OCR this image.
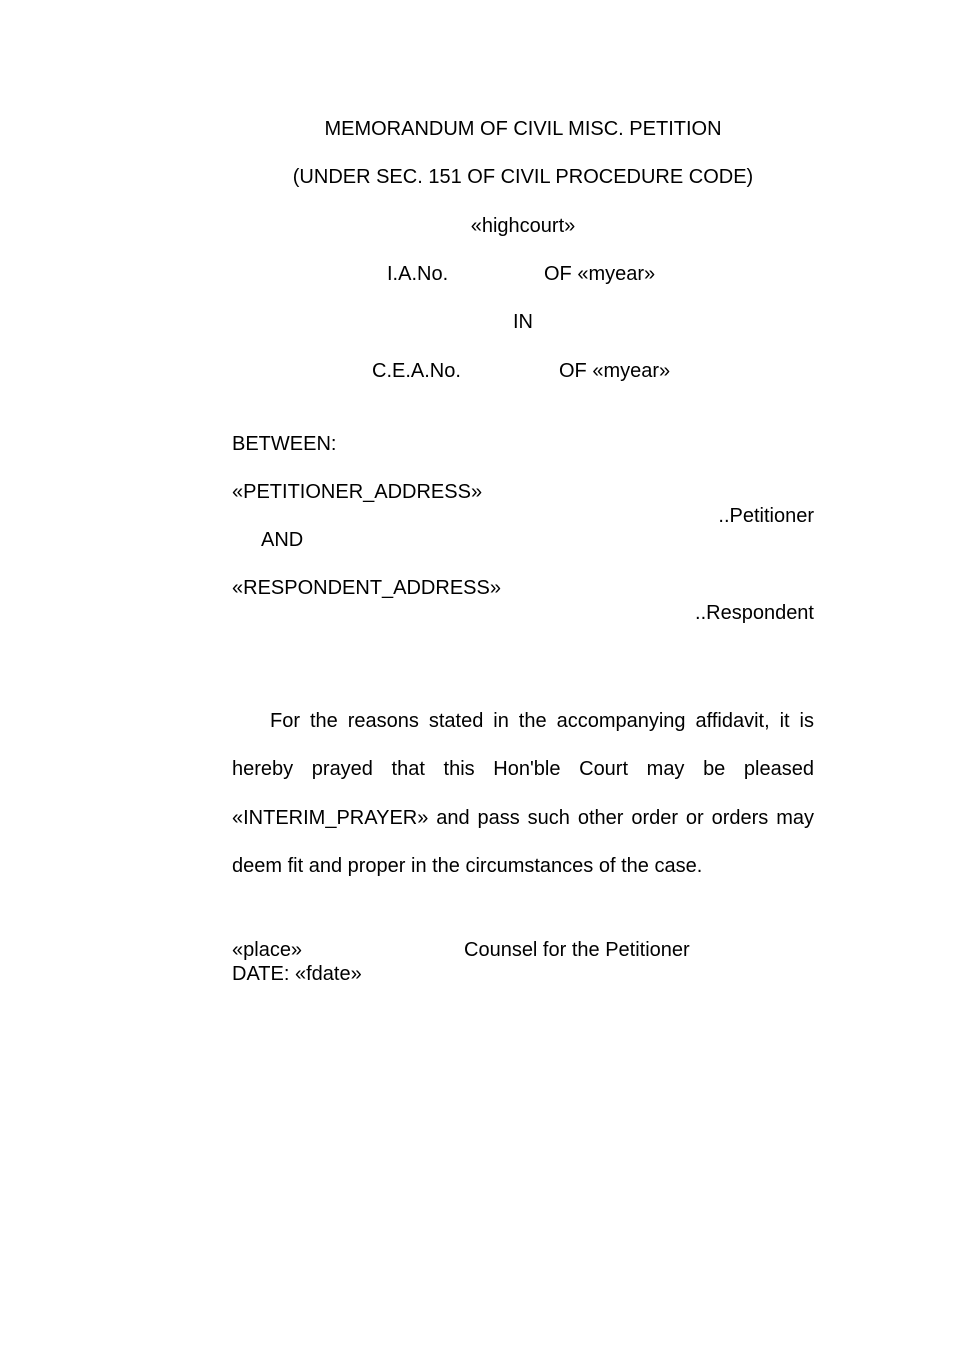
MEMORANDUM OF CIVIL MISC. PETITION
(UNDER SEC. 151 OF CIVIL PROCEDURE CODE)
«highcourt»
I.A.No.	OF «myear»
IN
C.E.A.No.	OF «myear»
BETWEEN:
«PETITIONER_ADDRESS»
..Petitioner
AND
«RESPONDENT_ADDRESS»
..Respondent
For the reasons stated in the accompanying affidavit, it is hereby prayed that this Hon'ble Court may be pleased «INTERIM_PRAYER» and pass such other order or orders may deem fit and proper in the circumstances of the case.
«place»	Counsel for the Petitioner
DATE: «fdate»
